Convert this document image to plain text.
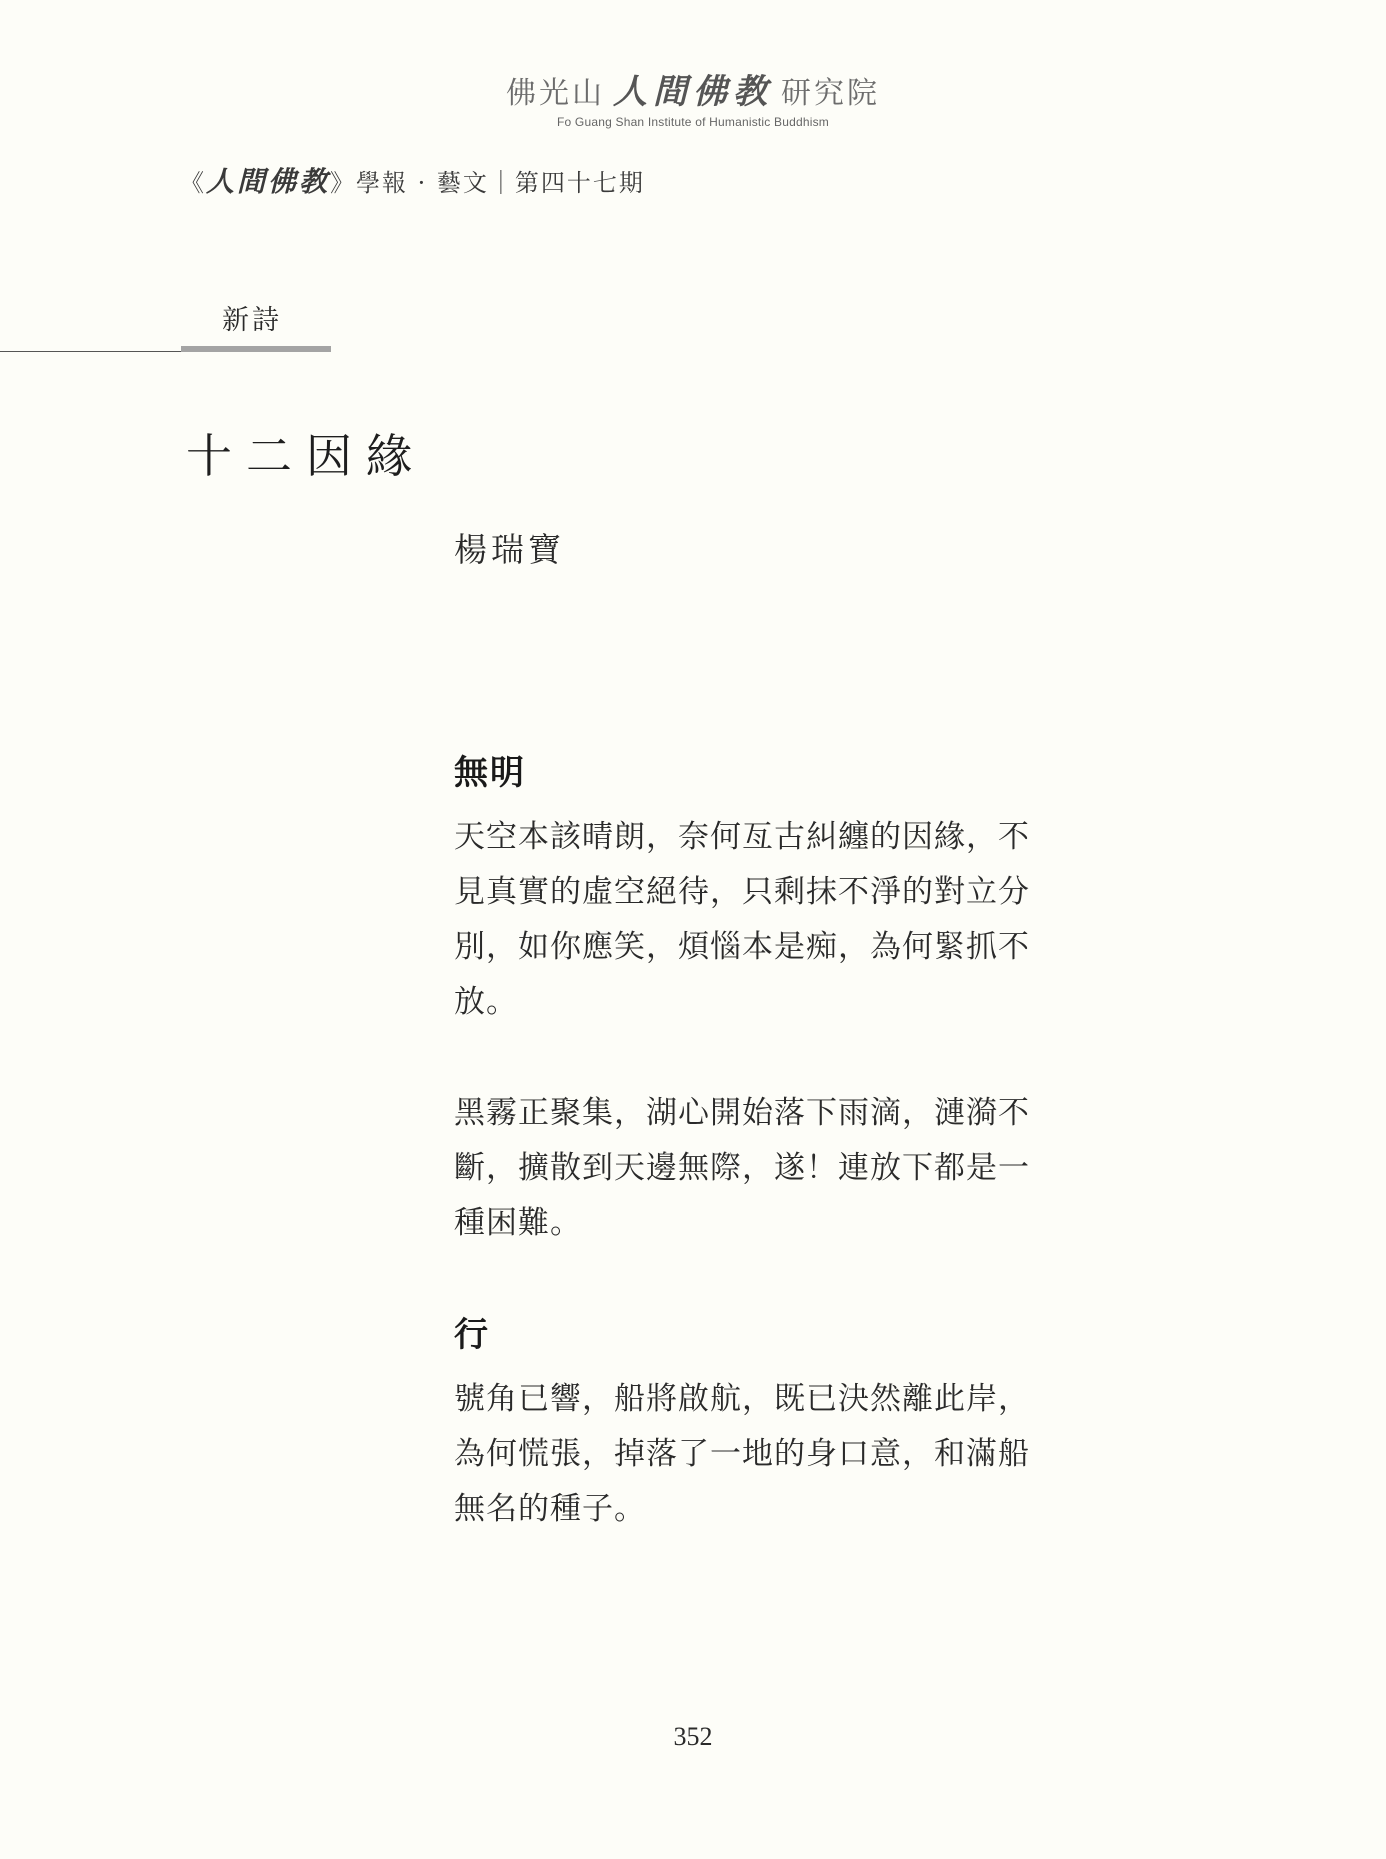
佛光山 人間佛教 研究院
Fo Guang Shan Institute of Humanistic Buddhism
《人間佛教》學報 · 藝文｜第四十七期
新詩
十二因緣
楊瑞寶
無明

天空本該晴朗，奈何亙古糾纏的因緣，不見真實的虛空絕待，只剩抹不淨的對立分別，如你應笑，煩惱本是痴，為何緊抓不放。

黑霧正聚集，湖心開始落下雨滴，漣漪不斷，擴散到天邊無際，遂！連放下都是一種困難。

行

號角已響，船將啟航，既已決然離此岸，為何慌張，掉落了一地的身口意，和滿船無名的種子。

352
